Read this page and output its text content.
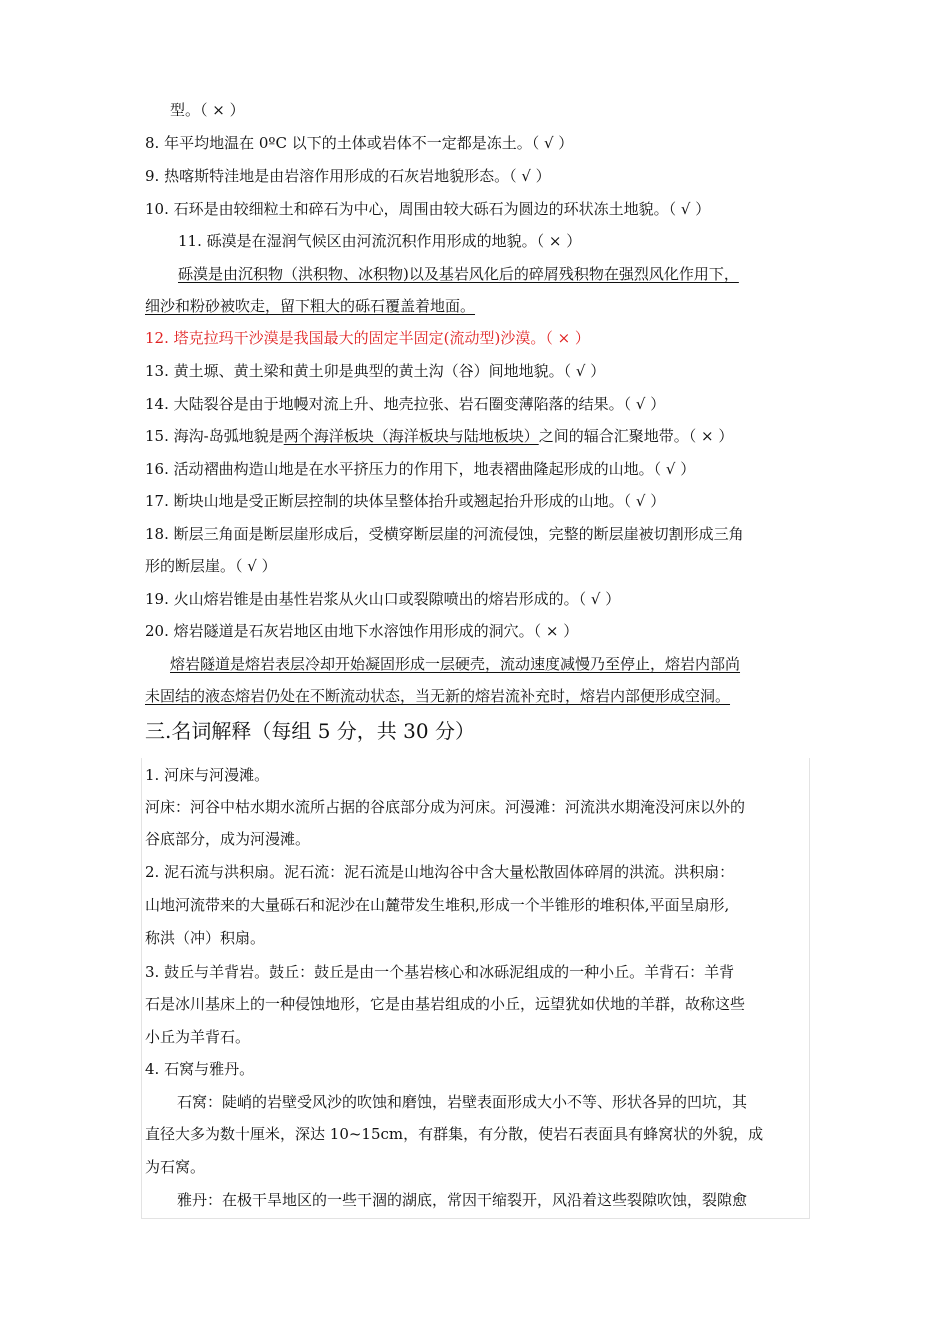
型。（ × ）
8. 年平均地温在 0ºC 以下的土体或岩体不一定都是冻土。（ √ ）
9. 热喀斯特洼地是由岩溶作用形成的石灰岩地貌形态。（ √ ）
10. 石环是由较细粒土和碎石为中心，周围由较大砾石为圆边的环状冻土地貌。（ √ ）
11. 砾漠是在湿润气候区由河流沉积作用形成的地貌。（ × ）
砾漠是由沉积物（洪积物、冰积物)以及基岩风化后的碎屑残积物在强烈风化作用下，
细沙和粉砂被吹走，留下粗大的砾石覆盖着地面。
12. 塔克拉玛干沙漠是我国最大的固定半固定(流动型)沙漠。（ × ）
13. 黄土塬、黄土梁和黄土卯是典型的黄土沟（谷）间地地貌。（ √ ）
14. 大陆裂谷是由于地幔对流上升、地壳拉张、岩石圈变薄陷落的结果。（ √ ）
15. 海沟-岛弧地貌是两个海洋板块（海洋板块与陆地板块）之间的辐合汇聚地带。（ × ）
16. 活动褶曲构造山地是在水平挤压力的作用下，地表褶曲隆起形成的山地。（ √ ）
17. 断块山地是受正断层控制的块体呈整体抬升或翘起抬升形成的山地。（ √ ）
18. 断层三角面是断层崖形成后，受横穿断层崖的河流侵蚀，完整的断层崖被切割形成三角
形的断层崖。（ √ ）
19. 火山熔岩锥是由基性岩浆从火山口或裂隙喷出的熔岩形成的。（ √ ）
20. 熔岩隧道是石灰岩地区由地下水溶蚀作用形成的洞穴。（ × ）
熔岩隧道是熔岩表层冷却开始凝固形成一层硬壳，流动速度减慢乃至停止，熔岩内部尚
未固结的液态熔岩仍处在不断流动状态，当无新的熔岩流补充时，熔岩内部便形成空洞。
三.名词解释（每组 5 分，共 30 分）
1. 河床与河漫滩。
河床：河谷中枯水期水流所占据的谷底部分成为河床。河漫滩：河流洪水期淹没河床以外的
谷底部分，成为河漫滩。
2. 泥石流与洪积扇。泥石流：泥石流是山地沟谷中含大量松散固体碎屑的洪流。洪积扇：
山地河流带来的大量砾石和泥沙在山麓带发生堆积,形成一个半锥形的堆积体,平面呈扇形,
称洪（冲）积扇。
3. 鼓丘与羊背岩。鼓丘：鼓丘是由一个基岩核心和冰砾泥组成的一种小丘。羊背石：羊背
石是冰川基床上的一种侵蚀地形，它是由基岩组成的小丘，远望犹如伏地的羊群，故称这些
小丘为羊背石。
4. 石窝与雅丹。
石窝：陡峭的岩壁受风沙的吹蚀和磨蚀，岩壁表面形成大小不等、形状各异的凹坑，其
直径大多为数十厘米，深达 10~15cm，有群集，有分散，使岩石表面具有蜂窝状的外貌，成
为石窝。
雅丹：在极干旱地区的一些干涸的湖底，常因干缩裂开，风沿着这些裂隙吹蚀，裂隙愈
